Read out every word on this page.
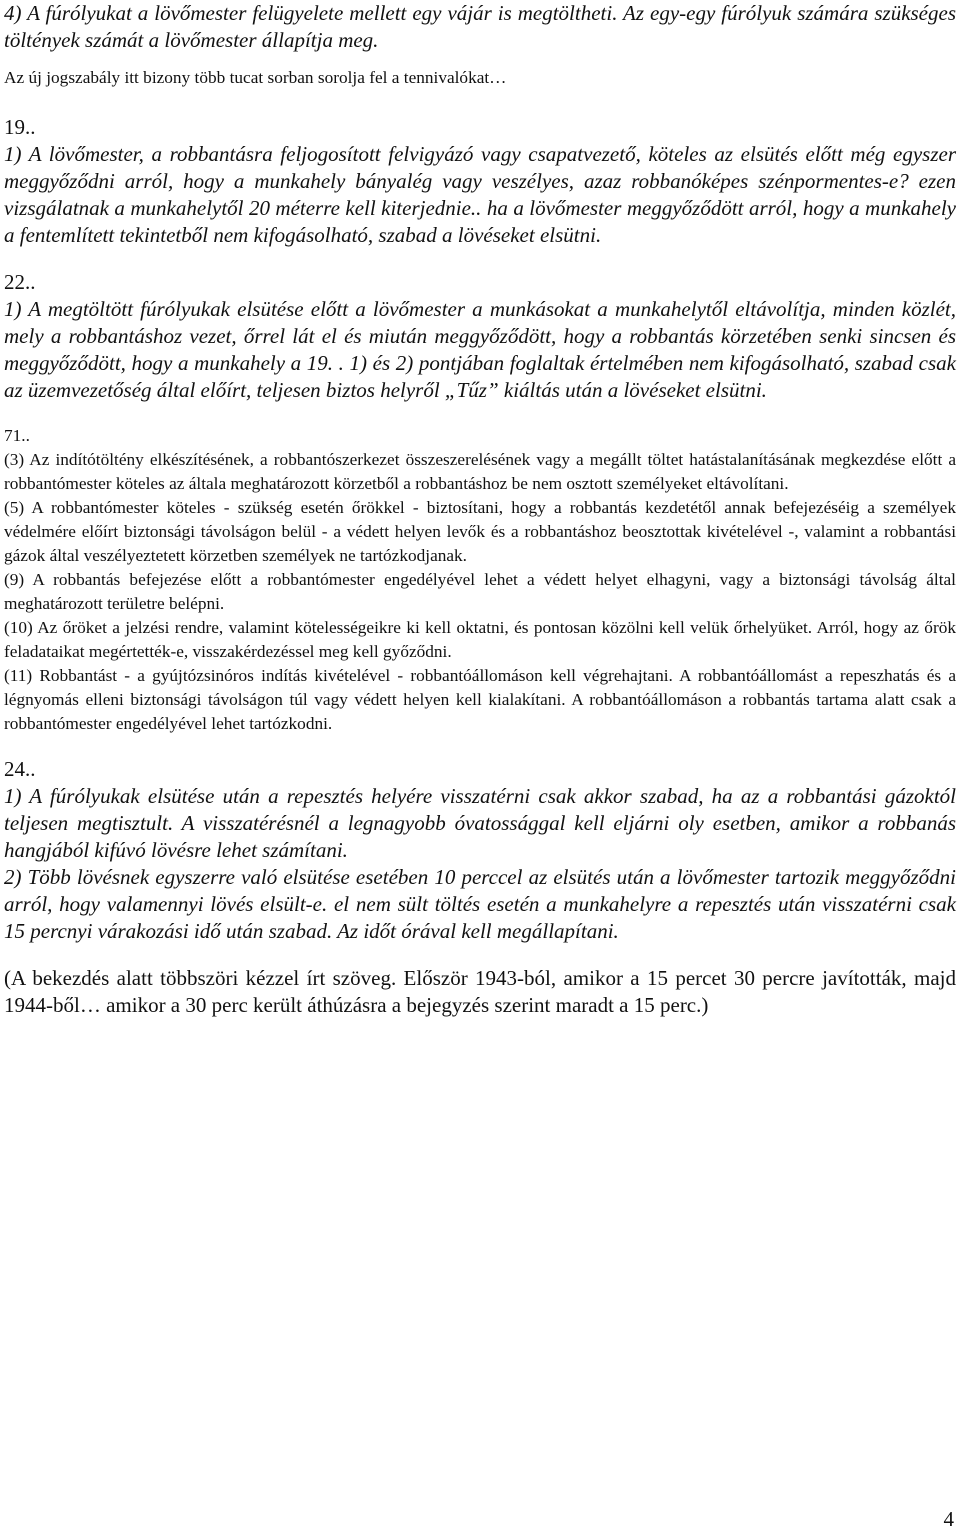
4) A fúrólyukat a lövőmester felügyelete mellett egy vájár is megtöltheti. Az egy-egy fúrólyuk számára szükséges töltények számát a lövőmester állapítja meg.

Az új jogszabály itt bizony több tucat sorban sorolja fel a tennivalókat…

19..

1) A lövőmester, a robbantásra feljogosított felvigyázó vagy csapatvezető, köteles az elsütés előtt még egyszer meggyőződni arról, hogy a munkahely bányalég vagy veszélyes, azaz robbanóképes szénpormentes-e? ezen vizsgálatnak a munkahelytől 20 méterre kell kiterjednie.. ha a lövőmester meggyőződött arról, hogy a munkahely a fentemlített tekintetből nem kifogásolható, szabad a lövéseket elsütni.

22..

1) A megtöltött fúrólyukak elsütése előtt a lövőmester a munkásokat a munkahelytől eltávolítja, minden közlét, mely a robbantáshoz vezet, őrrel lát el és miután meggyőződött, hogy a robbantás körzetében senki sincsen és meggyőződött, hogy a munkahely a 19. . 1) és 2) pontjában foglaltak értelmében nem kifogásolható, szabad csak az üzemvezetőség által előírt, teljesen biztos helyről „Tűz” kiáltás után a lövéseket elsütni.

71..

(3) Az indítótöltény elkészítésének, a robbantószerkezet összeszerelésének vagy a megállt töltet hatástalanításának megkezdése előtt a robbantómester köteles az általa meghatározott körzetből a robbantáshoz be nem osztott személyeket eltávolítani.

(5) A robbantómester köteles - szükség esetén őrökkel - biztosítani, hogy a robbantás kezdetétől annak befejezéséig a személyek védelmére előírt biztonsági távolságon belül - a védett helyen levők és a robbantáshoz beosztottak kivételével -, valamint a robbantási gázok által veszélyeztetett körzetben személyek ne tartózkodjanak.

(9) A robbantás befejezése előtt a robbantómester engedélyével lehet a védett helyet elhagyni, vagy a biztonsági távolság által meghatározott területre belépni.

(10) Az őröket a jelzési rendre, valamint kötelességeikre ki kell oktatni, és pontosan közölni kell velük őrhelyüket. Arról, hogy az őrök feladataikat megértették-e, visszakérdezéssel meg kell győződni.

(11) Robbantást - a gyújtózsinóros indítás kivételével - robbantóállomáson kell végrehajtani. A robbantóállomást a repeszhatás és a légnyomás elleni biztonsági távolságon túl vagy védett helyen kell kialakítani. A robbantóállomáson a robbantás tartama alatt csak a robbantómester engedélyével lehet tartózkodni.

24..

1) A fúrólyukak elsütése után a repesztés helyére visszatérni csak akkor szabad, ha az a robbantási gázoktól teljesen megtisztult. A visszatérésnél a legnagyobb óvatossággal kell eljárni oly esetben, amikor a robbanás hangjából kifúvó lövésre lehet számítani.

2) Több lövésnek egyszerre való elsütése esetében 10 perccel az elsütés után a lövőmester tartozik meggyőződni arról, hogy valamennyi lövés elsült-e. el nem sült töltés esetén a munkahelyre a repesztés után visszatérni csak 15 percnyi várakozási idő után szabad. Az időt órával kell megállapítani.

(A bekezdés alatt többszöri kézzel írt szöveg. Először 1943-ból, amikor a 15 percet 30 percre javították, majd 1944-ből… amikor a 30 perc került áthúzásra a bejegyzés szerint maradt a 15 perc.)

4
